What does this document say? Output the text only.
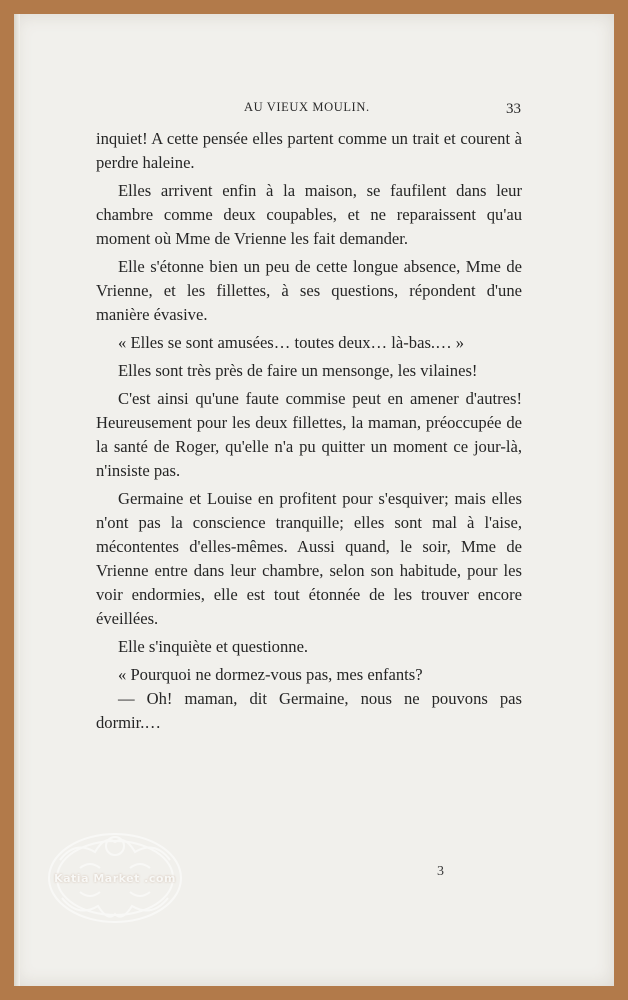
AU VIEUX MOULIN.	33

inquiet! A cette pensée elles partent comme un trait et courent à perdre haleine.

Elles arrivent enfin à la maison, se faufilent dans leur chambre comme deux coupables, et ne reparaissent qu'au moment où Mme de Vrienne les fait demander.

Elle s'étonne bien un peu de cette longue absence, Mme de Vrienne, et les fillettes, à ses questions, répondent d'une manière évasive.

« Elles se sont amusées… toutes deux… là-bas.… »

Elles sont très près de faire un mensonge, les vilaines!

C'est ainsi qu'une faute commise peut en amener d'autres! Heureusement pour les deux fillettes, la maman, préoccupée de la santé de Roger, qu'elle n'a pu quitter un moment ce jour-là, n'insiste pas.

Germaine et Louise en profitent pour s'esquiver; mais elles n'ont pas la conscience tranquille; elles sont mal à l'aise, mécontentes d'elles-mêmes. Aussi quand, le soir, Mme de Vrienne entre dans leur chambre, selon son habitude, pour les voir endormies, elle est tout étonnée de les trouver encore éveillées.

Elle s'inquiète et questionne.

« Pourquoi ne dormez-vous pas, mes enfants?

— Oh! maman, dit Germaine, nous ne pouvons pas dormir.…

3
Katia Market .com
